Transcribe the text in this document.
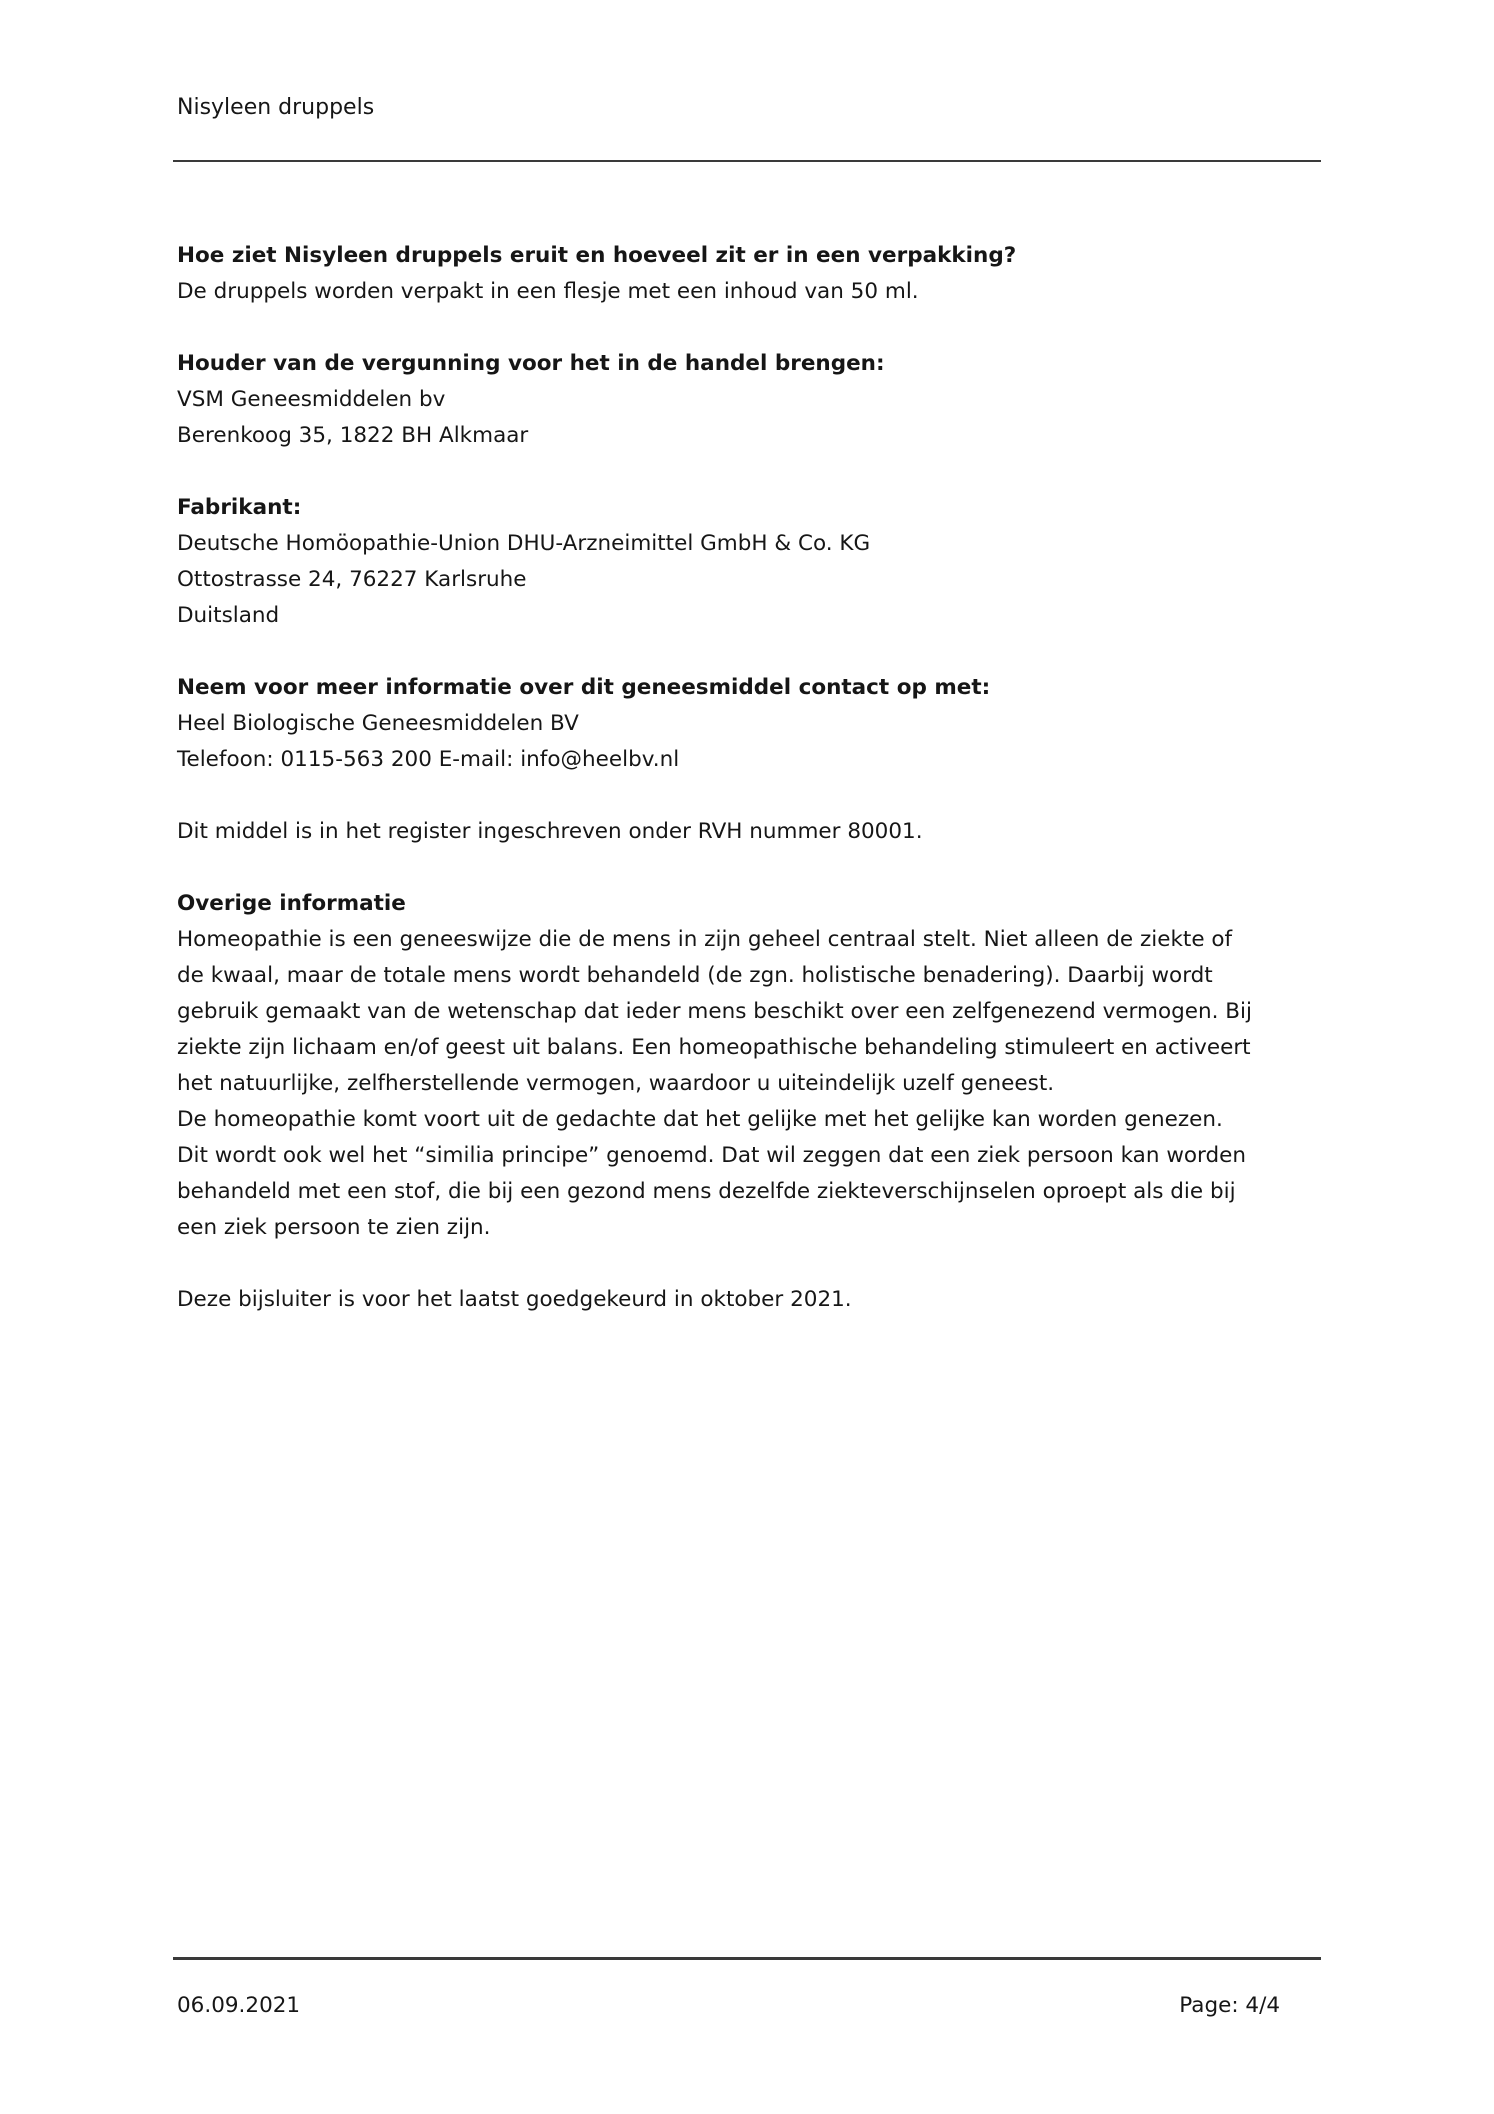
Nisyleen druppels
Hoe ziet Nisyleen druppels eruit en hoeveel zit er in een verpakking?
De druppels worden verpakt in een flesje met een inhoud van 50 ml.
Houder van de vergunning voor het in de handel brengen:
VSM Geneesmiddelen bv
Berenkoog 35, 1822 BH Alkmaar
Fabrikant:
Deutsche Homöopathie-Union DHU-Arzneimittel GmbH & Co. KG
Ottostrasse 24, 76227 Karlsruhe
Duitsland
Neem voor meer informatie over dit geneesmiddel contact op met:
Heel Biologische Geneesmiddelen BV
Telefoon: 0115-563 200 E-mail: info@heelbv.nl
Dit middel is in het register ingeschreven onder RVH nummer 80001.
Overige informatie
Homeopathie is een geneeswijze die de mens in zijn geheel centraal stelt. Niet alleen de ziekte of
de kwaal, maar de totale mens wordt behandeld (de zgn. holistische benadering). Daarbij wordt
gebruik gemaakt van de wetenschap dat ieder mens beschikt over een zelfgenezend vermogen. Bij
ziekte zijn lichaam en/of geest uit balans. Een homeopathische behandeling stimuleert en activeert
het natuurlijke, zelfherstellende vermogen, waardoor u uiteindelijk uzelf geneest.
De homeopathie komt voort uit de gedachte dat het gelijke met het gelijke kan worden genezen.
Dit wordt ook wel het “similia principe” genoemd. Dat wil zeggen dat een ziek persoon kan worden
behandeld met een stof, die bij een gezond mens dezelfde ziekteverschijnselen oproept als die bij
een ziek persoon te zien zijn.
Deze bijsluiter is voor het laatst goedgekeurd in oktober 2021.
06.09.2021	Page: 4/4
